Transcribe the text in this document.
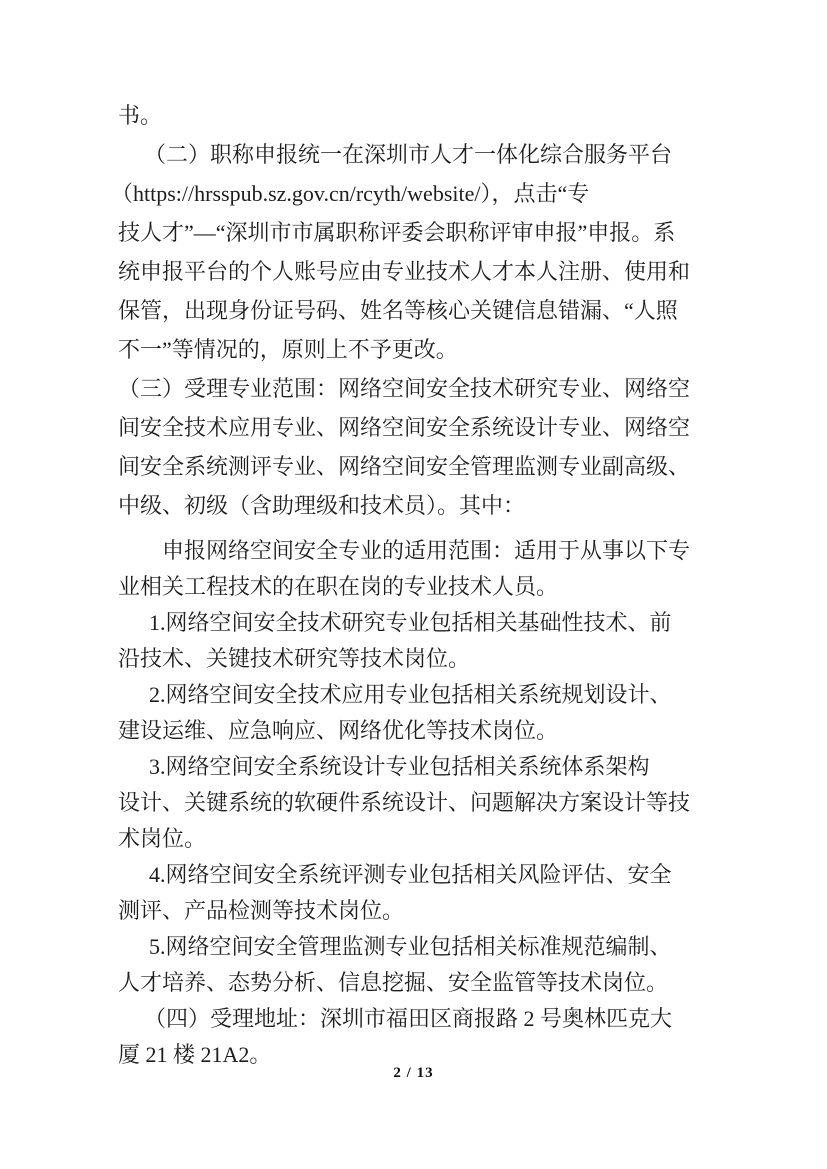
书。
（二）职称申报统一在深圳市人才一体化综合服务平台
（https://hrsspub.sz.gov.cn/rcyth/website/），点击“专
技人才”—“深圳市市属职称评委会职称评审申报”申报。系
统申报平台的个人账号应由专业技术人才本人注册、使用和
保管，出现身份证号码、姓名等核心关键信息错漏、“人照
不一”等情况的，原则上不予更改。
（三）受理专业范围：网络空间安全技术研究专业、网络空
间安全技术应用专业、网络空间安全系统设计专业、网络空
间安全系统测评专业、网络空间安全管理监测专业副高级、
中级、初级（含助理级和技术员）。其中：
申报网络空间安全专业的适用范围：适用于从事以下专
业相关工程技术的在职在岗的专业技术人员。
1.网络空间安全技术研究专业包括相关基础性技术、前
沿技术、关键技术研究等技术岗位。
2.网络空间安全技术应用专业包括相关系统规划设计、
建设运维、应急响应、网络优化等技术岗位。
3.网络空间安全系统设计专业包括相关系统体系架构
设计、关键系统的软硬件系统设计、问题解决方案设计等技
术岗位。
4.网络空间安全系统评测专业包括相关风险评估、安全
测评、产品检测等技术岗位。
5.网络空间安全管理监测专业包括相关标准规范编制、
人才培养、态势分析、信息挖掘、安全监管等技术岗位。
（四）受理地址：深圳市福田区商报路 2 号奥林匹克大
厦 21 楼 21A2。
2 / 13
